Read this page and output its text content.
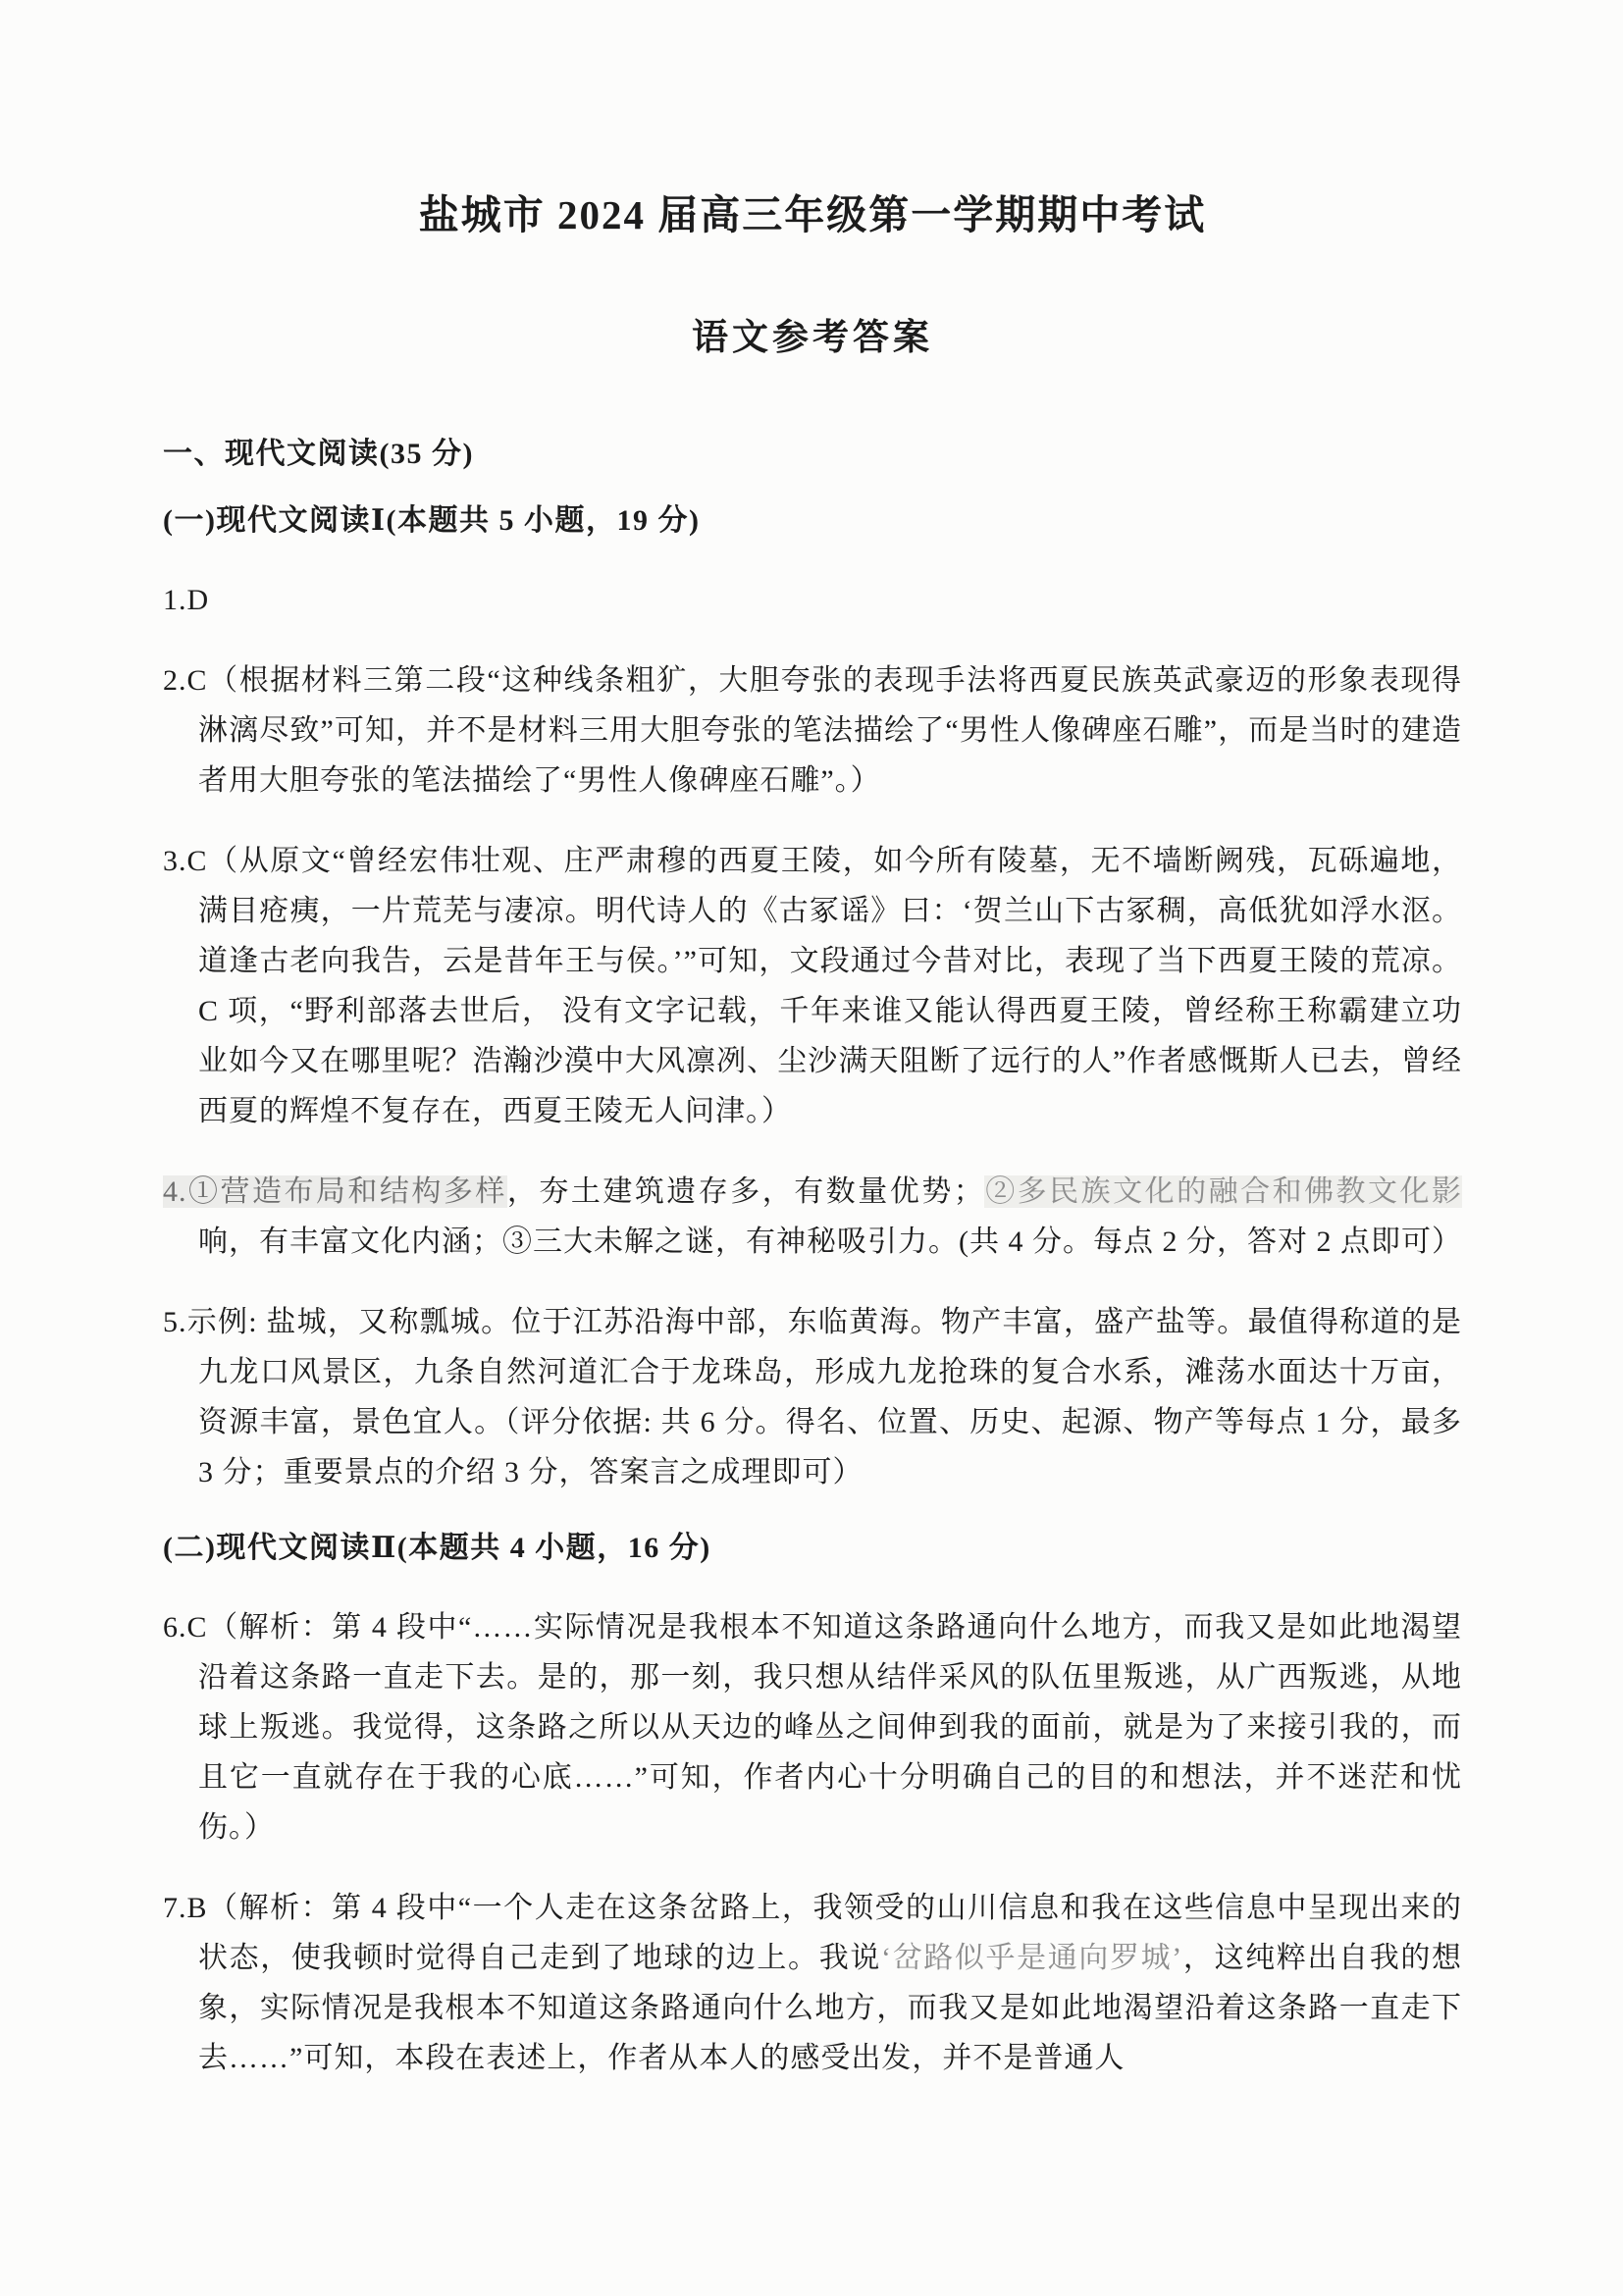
盐城市 2024 届高三年级第一学期期中考试
语文参考答案
一、现代文阅读(35 分)
(一)现代文阅读Ⅰ(本题共 5 小题，19 分)

1.D

2.C（根据材料三第二段“这种线条粗犷，大胆夸张的表现手法将西夏民族英武豪迈的形象表现得淋漓尽致”可知，并不是材料三用大胆夸张的笔法描绘了“男性人像碑座石雕”，而是当时的建造者用大胆夸张的笔法描绘了“男性人像碑座石雕”。）

3.C（从原文“曾经宏伟壮观、庄严肃穆的西夏王陵，如今所有陵墓，无不墙断阙残，瓦砾遍地，满目疮痍，一片荒芜与凄凉。明代诗人的《古冢谣》曰：‘贺兰山下古冢稠，高低犹如浮水沤。道逢古老向我告，云是昔年王与侯。’”可知，文段通过今昔对比，表现了当下西夏王陵的荒凉。C 项，“野利部落去世后， 没有文字记载，千年来谁又能认得西夏王陵，曾经称王称霸建立功业如今又在哪里呢？浩瀚沙漠中大风凛冽、尘沙满天阻断了远行的人”作者感慨斯人已去，曾经西夏的辉煌不复存在，西夏王陵无人问津。）

4.①营造布局和结构多样，夯土建筑遗存多，有数量优势；②多民族文化的融合和佛教文化影响，有丰富文化内涵；③三大未解之谜，有神秘吸引力。(共 4 分。每点 2 分，答对 2 点即可）

5.示例: 盐城，又称瓢城。位于江苏沿海中部，东临黄海。物产丰富，盛产盐等。最值得称道的是九龙口风景区，九条自然河道汇合于龙珠岛，形成九龙抢珠的复合水系，滩荡水面达十万亩，资源丰富，景色宜人。（评分依据: 共 6 分。得名、位置、历史、起源、物产等每点 1 分，最多 3 分；重要景点的介绍 3 分，答案言之成理即可）

(二)现代文阅读Ⅱ(本题共 4 小题，16 分)

6.C（解析：第 4 段中“……实际情况是我根本不知道这条路通向什么地方，而我又是如此地渴望沿着这条路一直走下去。是的，那一刻，我只想从结伴采风的队伍里叛逃，从广西叛逃，从地球上叛逃。我觉得，这条路之所以从天边的峰丛之间伸到我的面前，就是为了来接引我的，而且它一直就存在于我的心底……”可知，作者内心十分明确自己的目的和想法，并不迷茫和忧伤。）

7.B（解析：第 4 段中“一个人走在这条岔路上，我领受的山川信息和我在这些信息中呈现出来的状态，使我顿时觉得自己走到了地球的边上。我说‘岔路似乎是通向罗城’，这纯粹出自我的想象，实际情况是我根本不知道这条路通向什么地方，而我又是如此地渴望沿着这条路一直走下去……”可知，本段在表述上，作者从本人的感受出发，并不是普通人
